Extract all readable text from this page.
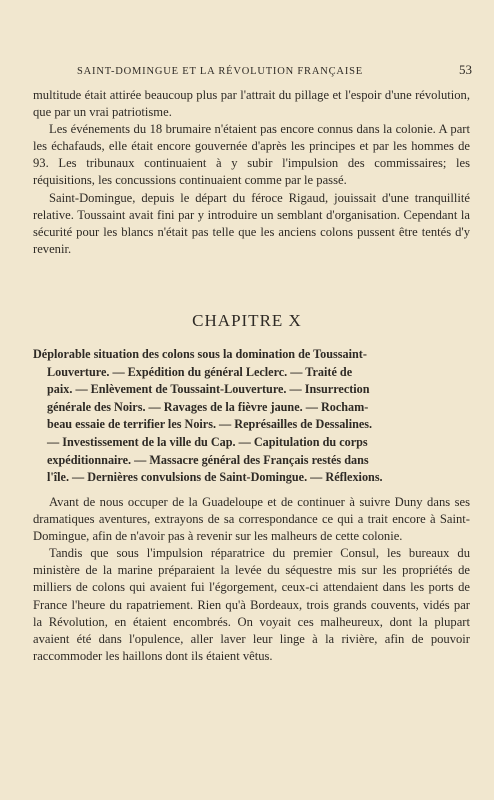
SAINT-DOMINGUE ET LA RÉVOLUTION FRANÇAISE	53

multitude était attirée beaucoup plus par l'attrait du pillage et l'espoir d'une révolution, que par un vrai patriotisme.

Les événements du 18 brumaire n'étaient pas encore connus dans la colonie. A part les échafauds, elle était encore gouvernée d'après les principes et par les hommes de 93. Les tribunaux continuaient à y subir l'impulsion des commissaires; les réquisitions, les concussions continuaient comme par le passé.

Saint-Domingue, depuis le départ du féroce Rigaud, jouissait d'une tranquillité relative. Toussaint avait fini par y introduire un semblant d'organisation. Cependant la sécurité pour les blancs n'était pas telle que les anciens colons pussent être tentés d'y revenir.

CHAPITRE X
Déplorable situation des colons sous la domination de Toussaint-
Louverture. — Expédition du général Leclerc. — Traité de
paix. — Enlèvement de Toussaint-Louverture. — Insurrection
générale des Noirs. — Ravages de la fièvre jaune. — Rocham-
beau essaie de terrifier les Noirs. — Représailles de Dessalines.
— Investissement de la ville du Cap. — Capitulation du corps
expéditionnaire. — Massacre général des Français restés dans
l'île. — Dernières convulsions de Saint-Domingue. — Réflexions.

Avant de nous occuper de la Guadeloupe et de continuer à suivre Duny dans ses dramatiques aventures, extrayons de sa correspondance ce qui a trait encore à Saint-Domingue, afin de n'avoir pas à revenir sur les malheurs de cette colonie.

Tandis que sous l'impulsion réparatrice du premier Consul, les bureaux du ministère de la marine préparaient la levée du séquestre mis sur les propriétés de milliers de colons qui avaient fui l'égorgement, ceux-ci attendaient dans les ports de France l'heure du rapatriement. Rien qu'à Bordeaux, trois grands couvents, vidés par la Révolution, en étaient encombrés. On voyait ces malheureux, dont la plupart avaient été dans l'opulence, aller laver leur linge à la rivière, afin de pouvoir raccommoder les haillons dont ils étaient vêtus.
